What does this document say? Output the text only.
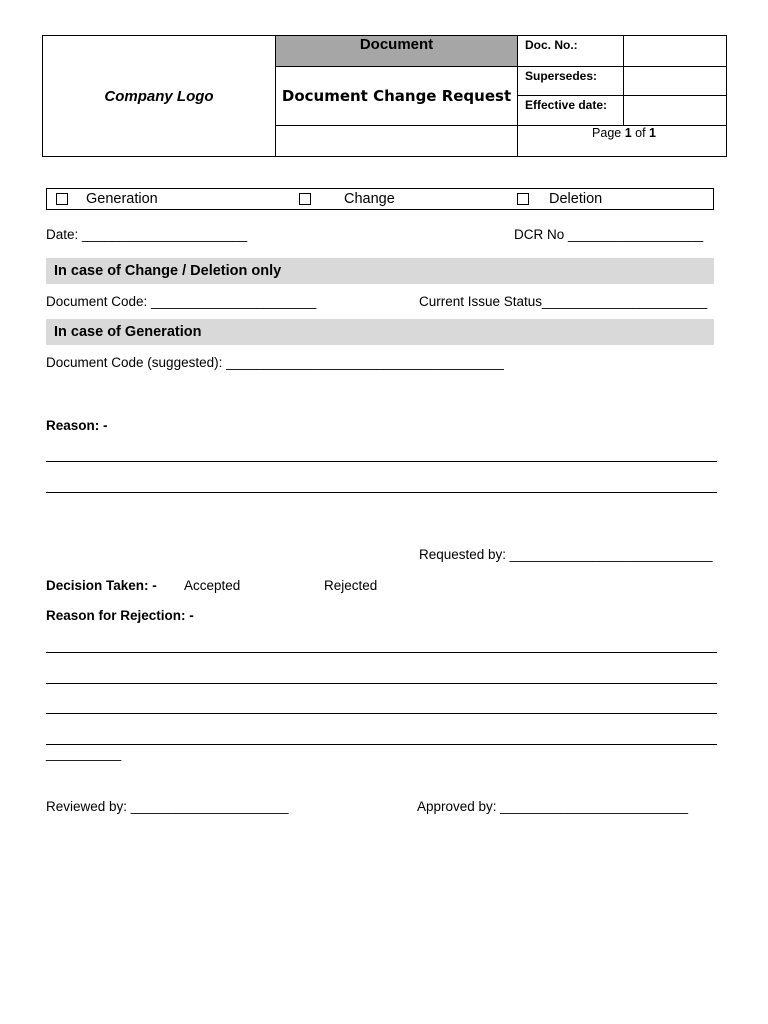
Company Logo	Document	Doc. No.:	
	Document Change Request	Supersedes:	
		Effective date:	
		Page 1 of 1	
Generation	Change	Deletion
Date: ______________________	DCR No __________________
In case of Change / Deletion only
Document Code: ______________________	Current Issue Status______________________
In case of Generation
Document Code (suggested): _____________________________________
Reason: -
Requested by: ___________________________
Decision Taken: - Accepted	Rejected
Reason for Rejection: -
__________
Reviewed by: _____________________	Approved by: _________________________
